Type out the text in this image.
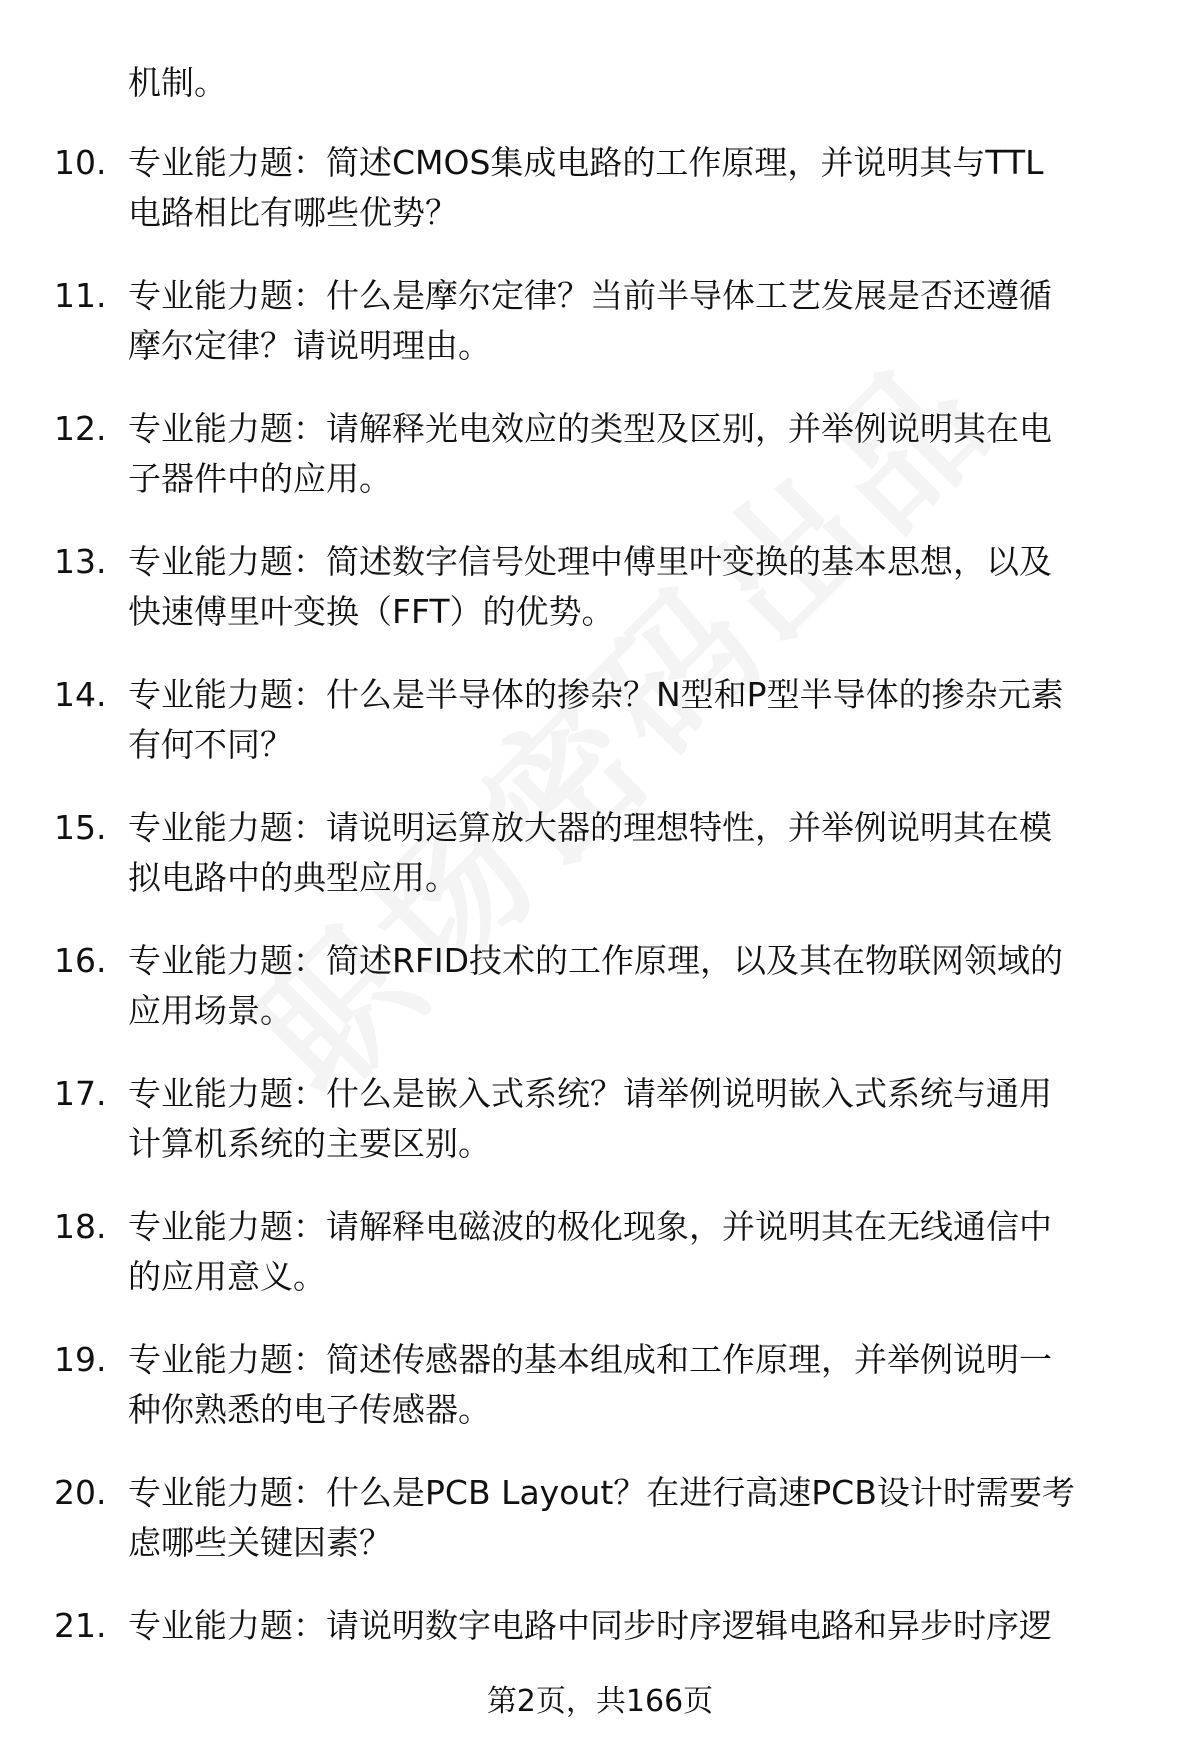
机制。
10. 专业能力题：简述CMOS集成电路的工作原理，并说明其与TTL
电路相比有哪些优势？
11. 专业能力题：什么是摩尔定律？当前半导体工艺发展是否还遵循
摩尔定律？请说明理由。
12. 专业能力题：请解释光电效应的类型及区别，并举例说明其在电
子器件中的应用。
13. 专业能力题：简述数字信号处理中傅里叶变换的基本思想，以及
快速傅里叶变换（FFT）的优势。
14. 专业能力题：什么是半导体的掺杂？N型和P型半导体的掺杂元素
有何不同？
15. 专业能力题：请说明运算放大器的理想特性，并举例说明其在模
拟电路中的典型应用。
16. 专业能力题：简述RFID技术的工作原理，以及其在物联网领域的
应用场景。
17. 专业能力题：什么是嵌入式系统？请举例说明嵌入式系统与通用
计算机系统的主要区别。
18. 专业能力题：请解释电磁波的极化现象，并说明其在无线通信中
的应用意义。
19. 专业能力题：简述传感器的基本组成和工作原理，并举例说明一
种你熟悉的电子传感器。
20. 专业能力题：什么是PCB Layout？在进行高速PCB设计时需要考
虑哪些关键因素？
21. 专业能力题：请说明数字电路中同步时序逻辑电路和异步时序逻
第2页，共166页
